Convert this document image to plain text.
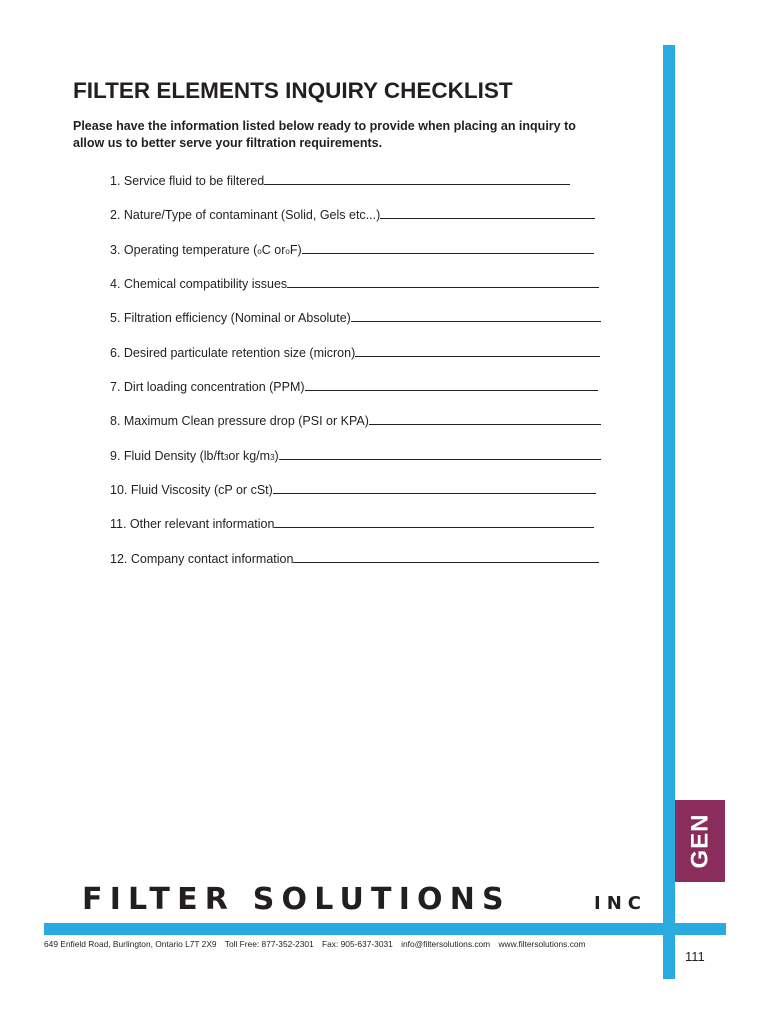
GEN
FILTER ELEMENTS INQUIRY CHECKLIST

Please have the information listed below ready to provide when placing an inquiry to allow us to better serve your filtration requirements.

1. Service fluid to be filtered
2. Nature/Type of contaminant (Solid, Gels etc...)
3. Operating temperature ( o C or o F)
4. Chemical compatibility issues
5. Filtration efficiency (Nominal or Absolute)
6. Desired particulate retention size (micron)
7. Dirt loading concentration (PPM)
8. Maximum Clean pressure drop (PSI or KPA)
9. Fluid Density (lb/ft 3 or kg/m 3 )
10. Fluid Viscosity (cP or cSt)
11. Other relevant information
12. Company contact information
FILTER SOLUTIONS	INC
649 Enfield Road, Burlington, Ontario L7T 2X9 Toll Free: 877-352-2301 Fax: 905-637-3031 info@filtersolutions.com www.filtersolutions.com
111
